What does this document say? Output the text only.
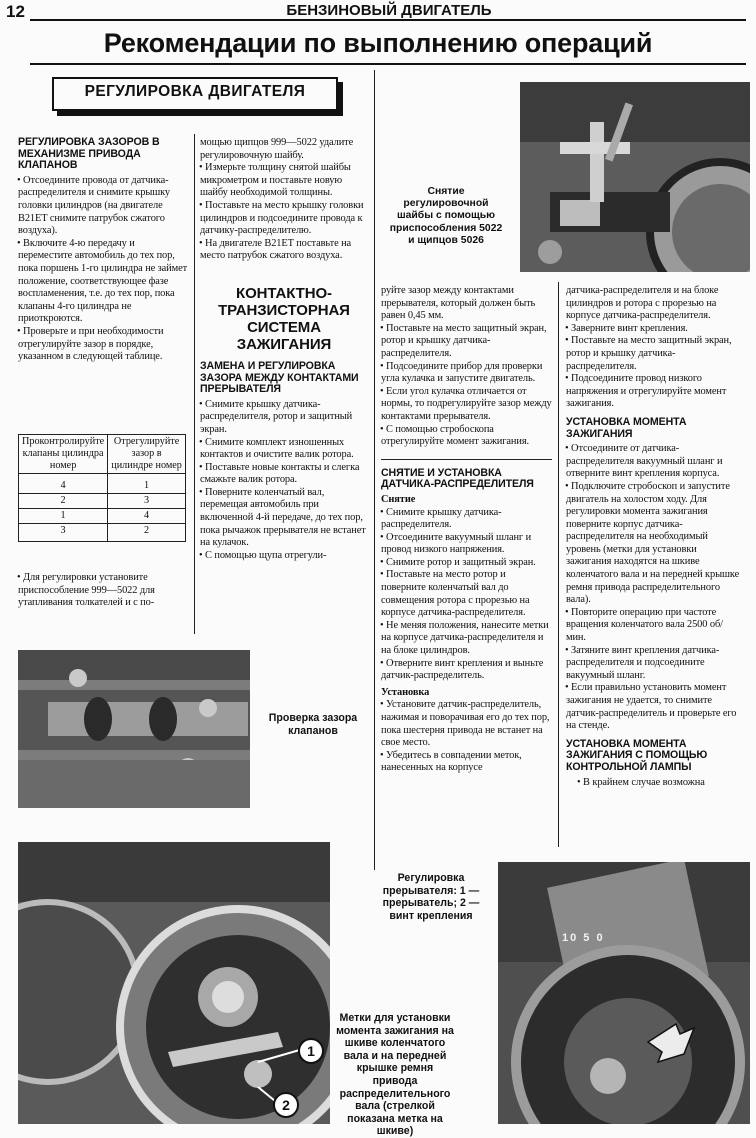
12	БЕНЗИНОВЫЙ ДВИГАТЕЛЬ
Рекомендации по выполнению операций
РЕГУЛИРОВКА ДВИГАТЕЛЯ
РЕГУЛИРОВКА ЗАЗОРОВ В МЕХАНИЗМЕ ПРИВОДА КЛАПАНОВ

• Отсоедините провода от датчика-распределителя и снимите крышку головки цилиндров (на двигателе B21ET снимите патрубок сжатого воздуха).

• Включите 4-ю передачу и переместите автомобиль до тех пор, пока поршень 1-го цилиндра не займет положение, соответствующее фазе воспламенения, т.е. до тех пор, пока клапаны 4-го цилиндра не приоткроются.

• Проверьте и при необходимости отрегулируйте зазор в порядке, указанном в следующей таблице.

Проконтролируйте клапаны цилиндра номер	Отрегулируйте зазор в цилиндре номер
4	1
2	3
1	4
3	2

• Для регулировки установите приспособление 999—5022 для утапливания толкателей и с по-

мощью щипцов 999—5022 удалите регулировочную шайбу.

• Измерьте толщину снятой шайбы микрометром и поставьте новую шайбу необходимой толщины.

• Поставьте на место крышку головки цилиндров и подсоедините провода к датчику-распределителю.

• На двигателе B21ET поставьте на место патрубок сжатого воздуха.

КОНТАКТНО-ТРАНЗИСТОРНАЯ СИСТЕМА ЗАЖИГАНИЯ
ЗАМЕНА И РЕГУЛИРОВКА ЗАЗОРА МЕЖДУ КОНТАКТАМИ ПРЕРЫВАТЕЛЯ

• Снимите крышку датчика-распределителя, ротор и защитный экран.

• Снимите комплект изношенных контактов и очистите валик ротора.

• Поставьте новые контакты и слегка смажьте валик ротора.

• Поверните коленчатый вал, перемещая автомобиль при включенной 4-й передаче, до тех пор, пока рычажок прерывателя не встанет на кулачок.

• С помощью щупа отрегули-

Снятие регулировочной шайбы с помощью приспособления 5022 и щипцов 5026

руйте зазор между контактами прерывателя, который должен быть равен 0,45 мм.

• Поставьте на место защитный экран, ротор и крышку датчика-распределителя.

• Подсоедините прибор для проверки угла кулачка и запустите двигатель.

• Если угол кулачка отличается от нормы, то подрегулируйте зазор между контактами прерывателя.

• С помощью стробоскопа отрегулируйте момент зажигания.

СНЯТИЕ И УСТАНОВКА ДАТЧИКА-РАСПРЕДЕЛИТЕЛЯ

Снятие

• Снимите крышку датчика-распределителя.

• Отсоедините вакуумный шланг и провод низкого напряжения.

• Снимите ротор и защитный экран.

• Поставьте на место ротор и поверните коленчатый вал до совмещения ротора с прорезью на корпусе датчика-распределителя.

• Не меняя положения, нанесите метки на корпусе датчика-распределителя и на блоке цилиндров.

• Отверните винт крепления и выньте датчик-распределитель.

Установка

• Установите датчик-распределитель, нажимая и поворачивая его до тех пор, пока шестерня привода не встанет на свое место.

• Убедитесь в совпадении меток, нанесенных на корпусе

датчика-распределителя и на блоке цилиндров и ротора с прорезью на корпусе датчика-распределителя.

• Заверните винт крепления.

• Поставьте на место защитный экран, ротор и крышку датчика-распределителя.

• Подсоедините провод низкого напряжения и отрегулируйте момент зажигания.

УСТАНОВКА МОМЕНТА ЗАЖИГАНИЯ

• Отсоедините от датчика-распределителя вакуумный шланг и отверните винт крепления корпуса.

• Подключите стробоскоп и запустите двигатель на холостом ходу. Для регулировки момента зажигания поверните корпус датчика-распределителя на необходимый уровень (метки для установки зажигания находятся на шкиве коленчатого вала и на передней крышке ремня привода распределительного вала).

• Повторите операцию при частоте вращения коленчатого вала 2500 об/мин.

• Затяните винт крепления датчика-распределителя и подсоедините вакуумный шланг.

• Если правильно установить момент зажигания не удается, то снимите датчик-распределитель и проверьте его на стенде.

УСТАНОВКА МОМЕНТА ЗАЖИГАНИЯ С ПОМОЩЬЮ КОНТРОЛЬНОЙ ЛАМПЫ

• В крайнем случае возможна

Проверка зазора клапанов
1
2
Регулировка прерывателя: 1 — прерыватель; 2 — винт крепления
Метки для установки момента зажигания на шкиве коленчатого вала и на передней крышке ремня привода распределительного вала (стрелкой показана метка на шкиве)
10 5 0
